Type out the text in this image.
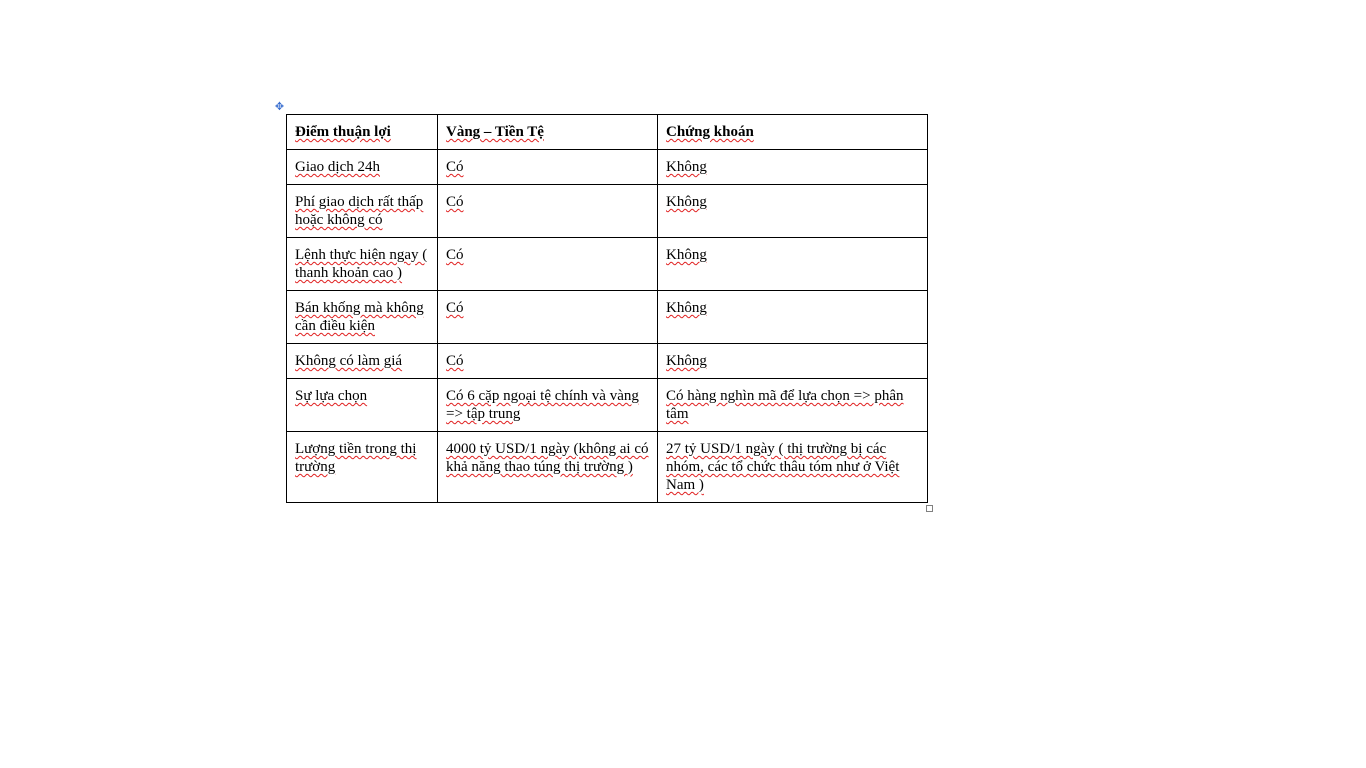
✥
Điểm thuận lợi	Vàng – Tiền Tệ	Chứng khoán
Giao dịch 24h	Có	Không
Phí giao dịch rất thấp hoặc không có	Có	Không
Lệnh thực hiện ngay ( thanh khoản cao )	Có	Không
Bán khống mà không cần điều kiện	Có	Không
Không có làm giá	Có	Không
Sự lựa chọn	Có 6 cặp ngoại tệ chính và vàng => tập trung	Có hàng nghìn mã để lựa chọn => phân tâm
Lượng tiền trong thị trường	4000 tỷ USD/1 ngày (không ai có khả năng thao túng thị trường )	27 tỷ USD/1 ngày ( thị trường bị các nhóm, các tổ chức thâu tóm như ở Việt Nam )
